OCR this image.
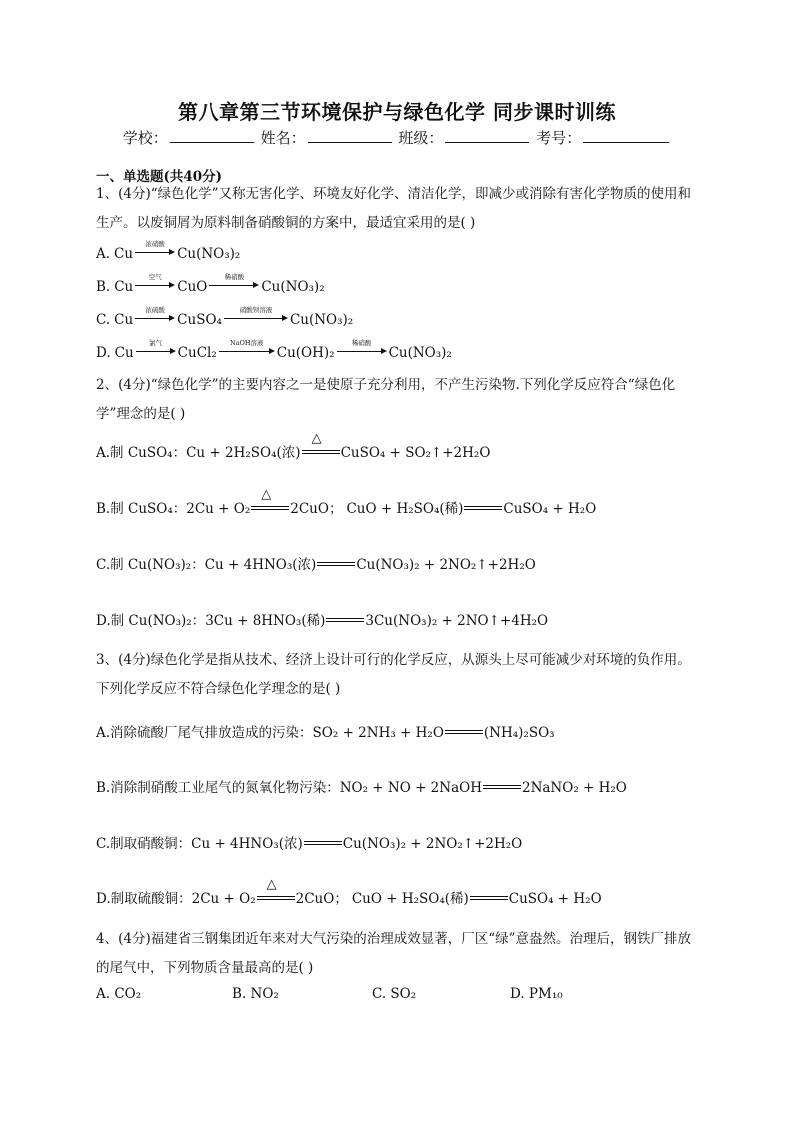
第八章第三节环境保护与绿色化学 同步课时训练
学校：	姓名：	班级：	考号：
一、单选题(共40分)
1、(4分)“绿色化学”又称无害化学、环境友好化学、清洁化学，即减少或消除有害化学物质的使用和生产。以废铜屑为原料制备硝酸铜的方案中，最适宜采用的是( )
A. Cu
浓硝酸
Cu(NO₃)₂
B. Cu
空气
CuO
稀硝酸
Cu(NO₃)₂
C. Cu
浓硫酸
CuSO₄
硝酸钡溶液
Cu(NO₃)₂
D. Cu
氯气
CuCl₂
NaOH溶液
Cu(OH)₂
稀硝酸
Cu(NO₃)₂
2、(4分)“绿色化学”的主要内容之一是使原子充分利用，不产生污染物.下列化学反应符合“绿色化学”理念的是( )
A.制 CuSO₄： Cu + 2H₂SO₄(浓)
△
CuSO₄ + SO₂↑+2H₂O
B.制 CuSO₄： 2Cu + O₂
△
2CuO； CuO + H₂SO₄(稀)	CuSO₄ + H₂O
C.制 Cu(NO₃)₂： Cu + 4HNO₃(浓)	Cu(NO₃)₂ + 2NO₂↑+2H₂O
D.制 Cu(NO₃)₂： 3Cu + 8HNO₃(稀)	3Cu(NO₃)₂ + 2NO↑+4H₂O
3、(4分)绿色化学是指从技术、经济上设计可行的化学反应，从源头上尽可能减少对环境的负作用。下列化学反应不符合绿色化学理念的是( )
A.消除硫酸厂尾气排放造成的污染： SO₂ + 2NH₃ + H₂O	(NH₄)₂SO₃
B.消除制硝酸工业尾气的氮氧化物污染： NO₂ + NO + 2NaOH	2NaNO₂ + H₂O
C.制取硝酸铜： Cu + 4HNO₃(浓)	Cu(NO₃)₂ + 2NO₂↑+2H₂O
D.制取硫酸铜： 2Cu + O₂
△
2CuO； CuO + H₂SO₄(稀)	CuSO₄ + H₂O
4、(4分)福建省三钢集团近年来对大气污染的治理成效显著，厂区“绿”意盎然。治理后，钢铁厂排放的尾气中，下列物质含量最高的是( )
A. CO₂	B. NO₂	C. SO₂	D. PM₁₀
